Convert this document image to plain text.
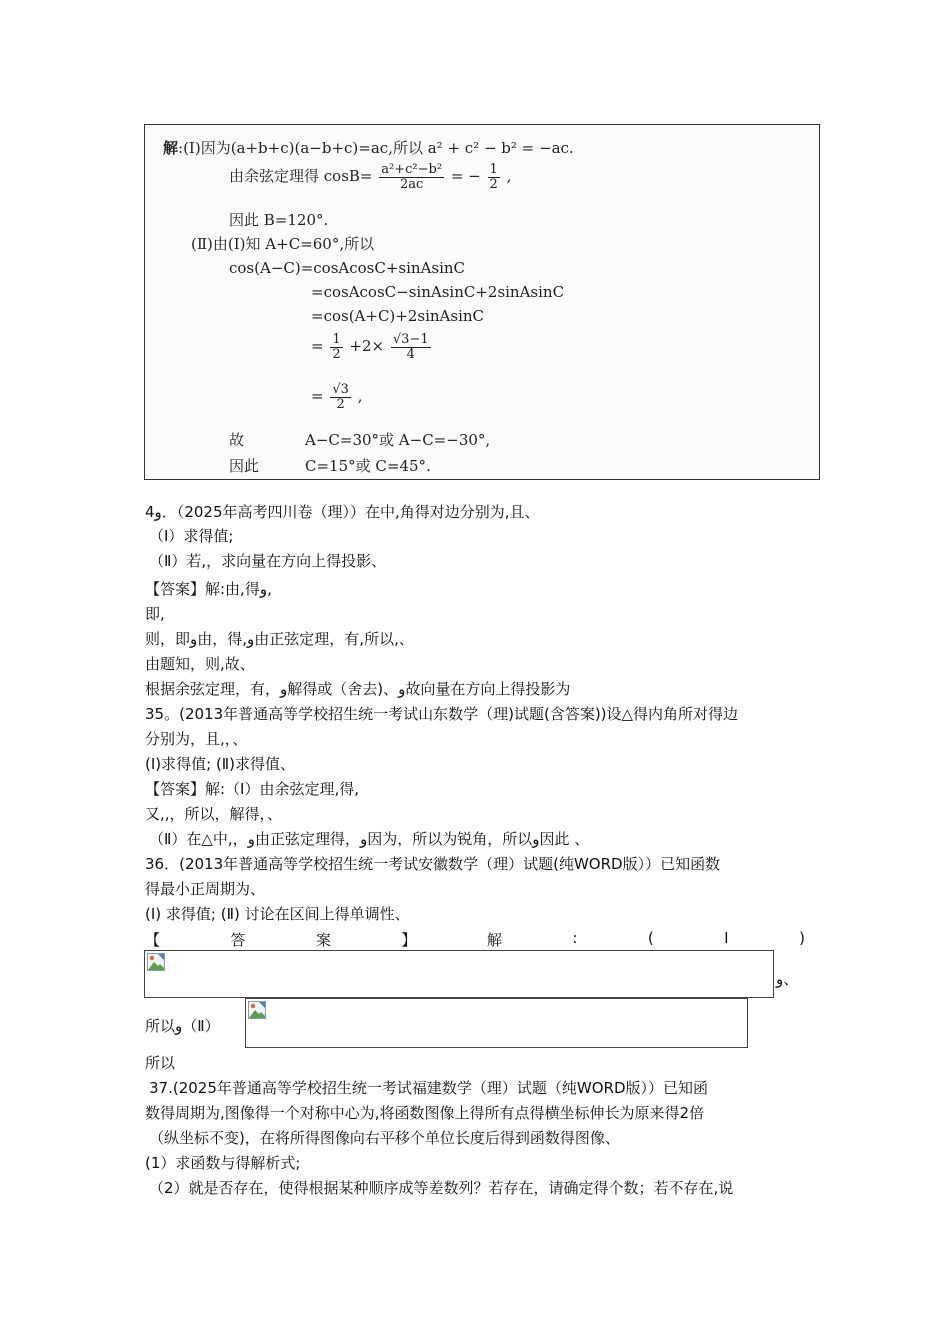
解:(Ⅰ)因为(a+b+c)(a−b+c)=ac,所以 a² + c² − b² = −ac.
由余弦定理得 $\cos B= \frac{\text{a²+c²−b²}}{2ac}$ = − $\frac{1}{2}$ ,
因此 B=120°.
(Ⅱ)由(Ⅰ)知 A+C=60°,所以
cos(A−C)=cosAcosC+sinAsinC
=cosAcosC−sinAsinC+2sinAsinC
=cos(A+C)+2sinAsinC
= $\frac{1}{2} +2\times \frac{√3-1}{4}$
= $\frac{√3}{2}$ ,
故	A−C=30°或 A−C=−30°,
因此	C=15°或 C=45°.
4و．（2025年高考四川卷（理））在中,角得对边分别为,且、
（Ⅰ）求得值;
（Ⅱ）若,，求向量在方向上得投影、
【答案】解:由,得و,
即,
则，即و由，得,و由正弦定理，有,所以,、
由题知，则,故、
根据余弦定理，有，و解得或（舍去)、و故向量在方向上得投影为
35。(2013年普通高等学校招生统一考试山东数学（理)试题(含答案))设△得内角所对得边
分别为，且,，、
(Ⅰ)求得值; (Ⅱ)求得值、
【答案】解:（Ⅰ）由余弦定理,得,
又,,，所以，解得，、
（Ⅱ）在△中,，و由正弦定理得，و因为，所以为锐角，所以و因此 、
36．(2013年普通高等学校招生统一考试安徽数学（理）试题(纯WORD版））已知函数
得最小正周期为、
(Ⅰ) 求得值; (Ⅱ) 讨论在区间上得单调性、
【	答	案	】	解	:	(	Ⅰ	)
و、
所以و（Ⅱ）
所以
37.(2025年普通高等学校招生统一考试福建数学（理）试题（纯WORD版））已知函
数得周期为,图像得一个对称中心为,将函数图像上得所有点得横坐标伸长为原来得2倍
（纵坐标不变)，在将所得图像向右平移个单位长度后得到函数得图像、
(1）求函数与得解析式;
（2）就是否存在，使得根据某种顺序成等差数列？若存在，请确定得个数；若不存在,说
